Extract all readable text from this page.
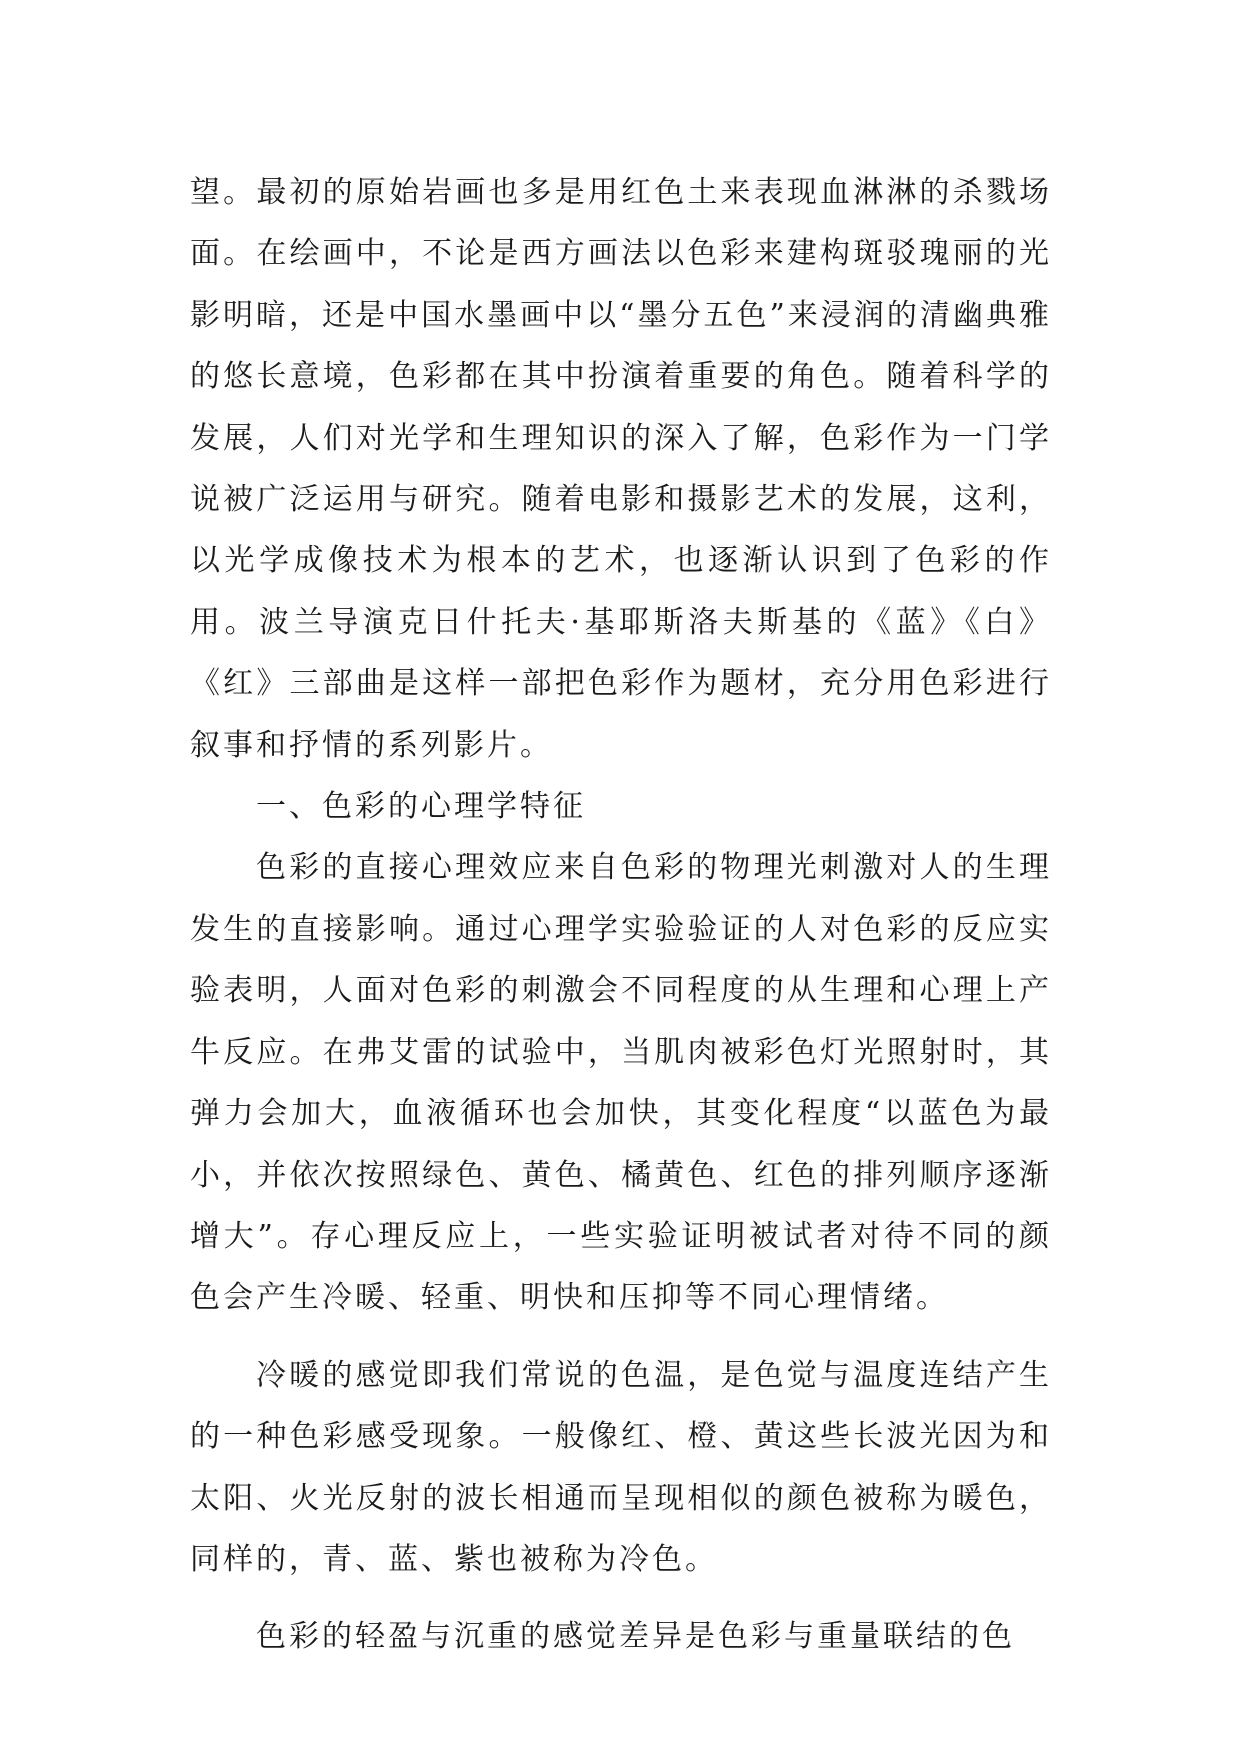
望。最初的原始岩画也多是用红色土来表现血淋淋的杀戮场面。在绘画中，不论是西方画法以色彩来建构斑驳瑰丽的光影明暗，还是中国水墨画中以“墨分五色”来浸润的清幽典雅的悠长意境，色彩都在其中扮演着重要的角色。随着科学的发展，人们对光学和生理知识的深入了解，色彩作为一门学说被广泛运用与研究。随着电影和摄影艺术的发展，这利，以光学成像技术为根本的艺术，也逐渐认识到了色彩的作用。波兰导演克日什托夫·基耶斯洛夫斯基的《蓝》《白》《红》三部曲是这样一部把色彩作为题材，充分用色彩进行叙事和抒情的系列影片。

一、色彩的心理学特征

色彩的直接心理效应来自色彩的物理光刺激对人的生理发生的直接影响。通过心理学实验验证的人对色彩的反应实验表明，人面对色彩的刺激会不同程度的从生理和心理上产牛反应。在弗艾雷的试验中，当肌肉被彩色灯光照射时，其弹力会加大，血液循环也会加快，其变化程度“以蓝色为最小，并依次按照绿色、黄色、橘黄色、红色的排列顺序逐渐增大”。存心理反应上，一些实验证明被试者对待不同的颜色会产生冷暖、轻重、明快和压抑等不同心理情绪。

冷暖的感觉即我们常说的色温，是色觉与温度连结产生的一种色彩感受现象。一般像红、橙、黄这些长波光因为和太阳、火光反射的波长相通而呈现相似的颜色被称为暖色，同样的，青、蓝、紫也被称为冷色。

色彩的轻盈与沉重的感觉差异是色彩与重量联结的色
